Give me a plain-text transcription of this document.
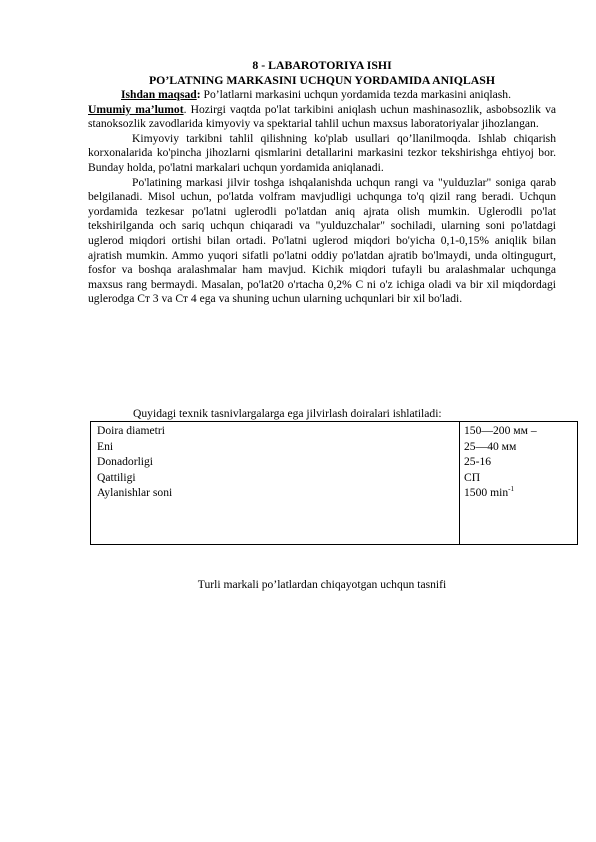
8 - LABAROTORIYA ISHI

PO’LATNING MARKASINI UCHQUN YORDAMIDA ANIQLASH

Ishdan maqsad: Po’latlarni markasini uchqun yordamida tezda markasini aniqlash.

Umumiy ma’lumot. Hozirgi vaqtda po'lat tarkibini aniqlash uchun mashinasozlik, asbobsozlik va stanoksozlik zavodlarida kimyoviy va spektarial tahlil uchun maxsus laboratoriyalar jihozlangan.

Kimyoviy tarkibni tahlil qilishning ko'plab usullari qo’llanilmoqda. Ishlab chiqarish korxonalarida ko'pincha jihozlarni qismlarini detallarini markasini tezkor tekshirishga ehtiyoj bor. Bunday holda, po'latni markalari uchqun yordamida aniqlanadi.

Po'latining markasi jilvir toshga ishqalanishda uchqun rangi va "yulduzlar" soniga qarab belgilanadi. Misol uchun, po'latda volfram mavjudligi uchqunga to'q qizil rang beradi. Uchqun yordamida tezkesar po'latni uglerodli po'latdan aniq ajrata olish mumkin. Uglerodli po'lat tekshirilganda och sariq uchqun chiqaradi va "yulduzchalar" sochiladi, ularning soni po'latdagi uglerod miqdori ortishi bilan ortadi. Po'latni uglerod miqdori bo'yicha 0,1-0,15% aniqlik bilan ajratish mumkin. Ammo yuqori sifatli po'latni oddiy po'latdan ajratib bo'lmaydi, unda oltingugurt, fosfor va boshqa aralashmalar ham mavjud. Kichik miqdori tufayli bu aralashmalar uchqunga maxsus rang bermaydi. Masalan, po'lat20 o'rtacha 0,2% C ni o'z ichiga oladi va bir xil miqdordagi uglerodga Ст 3 va Ст 4 ega va shuning uchun ularning uchqunlari bir xil bo'ladi.

Quyidagi texnik tasnivlargalarga ega jilvirlash doiralari ishlatiladi:
Doira diametri
Eni
Donadorligi
Qattiligi
Aylanishlar soni
150—200 мм –
25—40 мм
25-16
СП
1500 $\min^{-1}$
Turli markali po’latlardan chiqayotgan uchqun tasnifi
